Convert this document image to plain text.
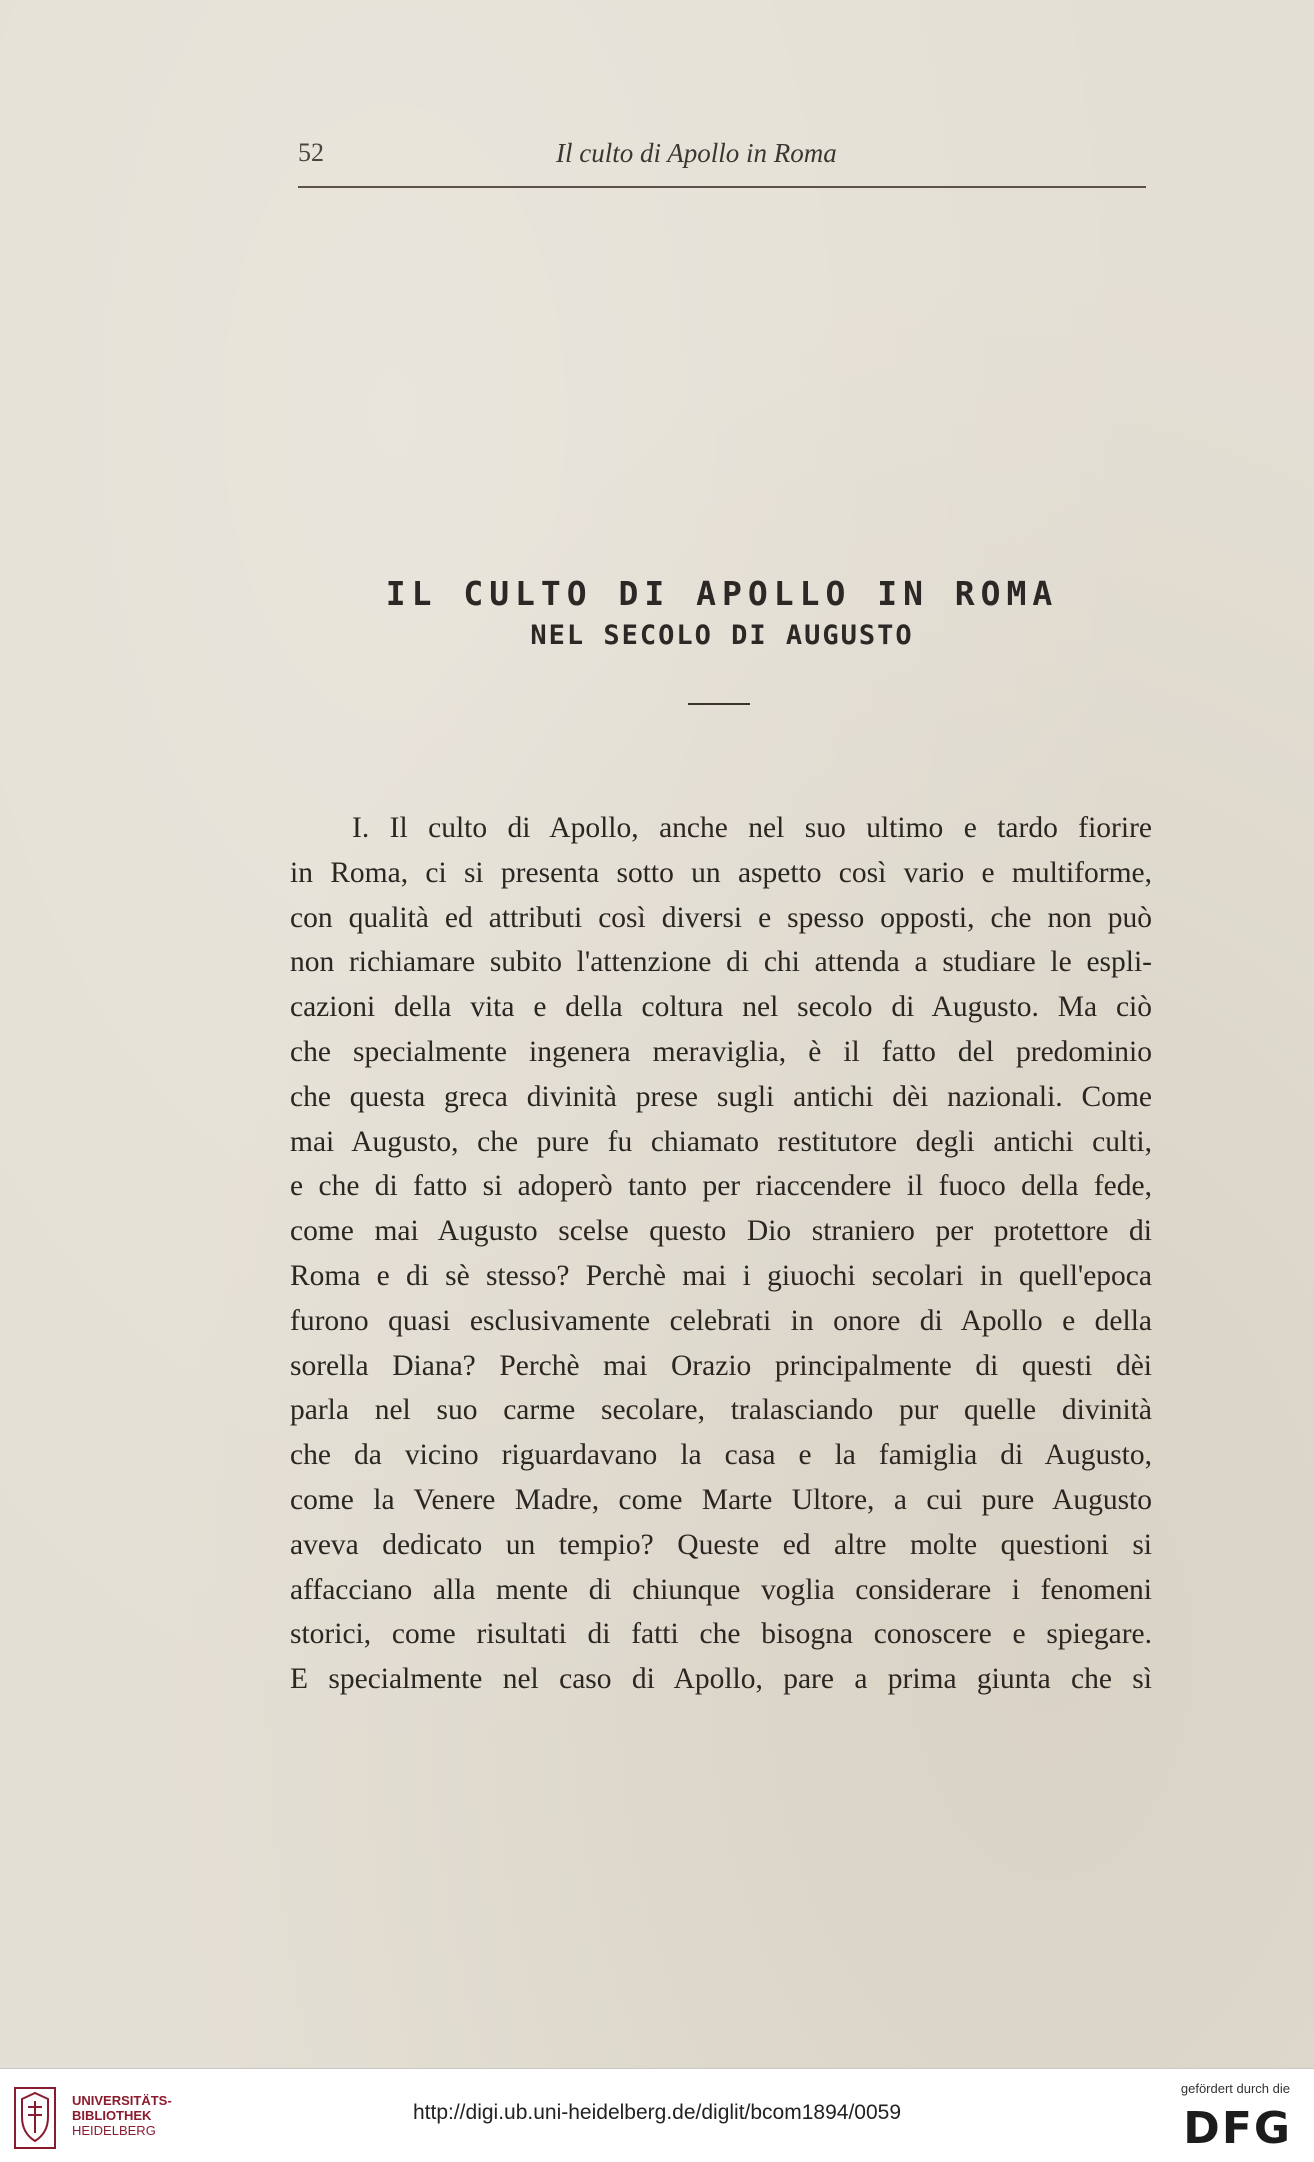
52	Il culto di Apollo in Roma
IL CULTO DI APOLLO IN ROMA
NEL SECOLO DI AUGUSTO
I. Il culto di Apollo, anche nel suo ultimo e tardo fiorire
in Roma, ci si presenta sotto un aspetto così vario e multiforme,
con qualità ed attributi così diversi e spesso opposti, che non può
non richiamare subito l'attenzione di chi attenda a studiare le espli-
cazioni della vita e della coltura nel secolo di Augusto. Ma ciò
che specialmente ingenera meraviglia, è il fatto del predominio
che questa greca divinità prese sugli antichi dèi nazionali. Come
mai Augusto, che pure fu chiamato restitutore degli antichi culti,
e che di fatto si adoperò tanto per riaccendere il fuoco della fede,
come mai Augusto scelse questo Dio straniero per protettore di
Roma e di sè stesso? Perchè mai i giuochi secolari in quell'epoca
furono quasi esclusivamente celebrati in onore di Apollo e della
sorella Diana? Perchè mai Orazio principalmente di questi dèi
parla nel suo carme secolare, tralasciando pur quelle divinità
che da vicino riguardavano la casa e la famiglia di Augusto,
come la Venere Madre, come Marte Ultore, a cui pure Augusto
aveva dedicato un tempio? Queste ed altre molte questioni si
affacciano alla mente di chiunque voglia considerare i fenomeni
storici, come risultati di fatti che bisogna conoscere e spiegare.
E specialmente nel caso di Apollo, pare a prima giunta che sì
UNIVERSITÄTS-
BIBLIOTHEK
HEIDELBERG
http://digi.ub.uni-heidelberg.de/diglit/bcom1894/0059
gefördert durch die
DFG
